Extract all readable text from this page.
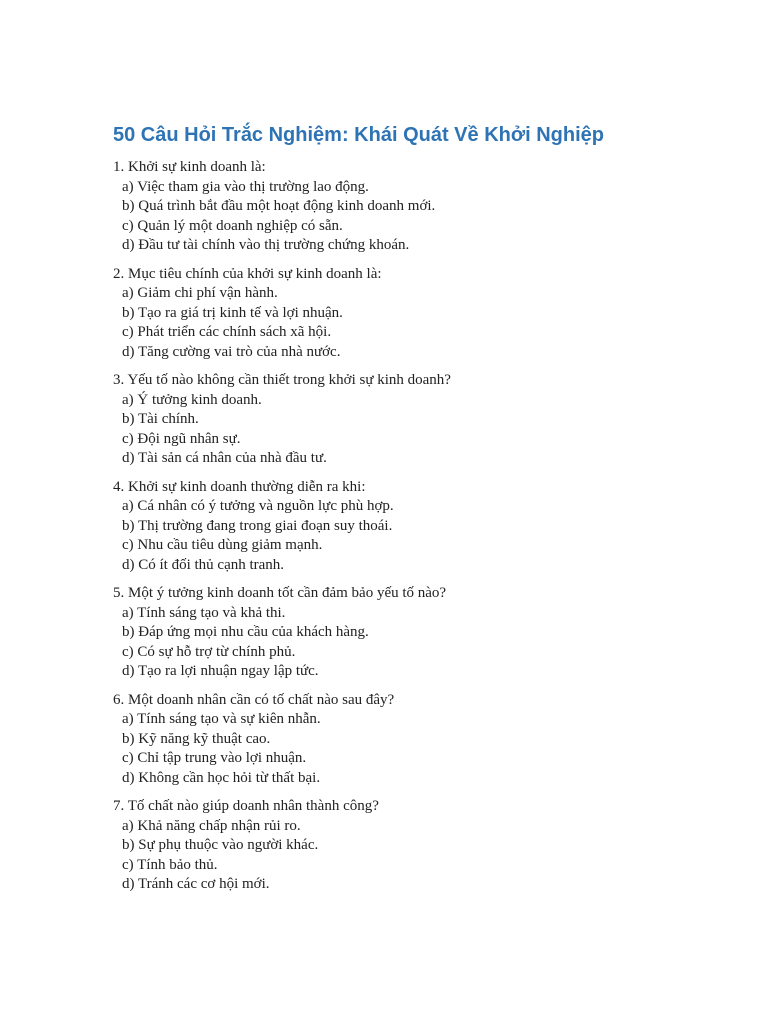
50 Câu Hỏi Trắc Nghiệm: Khái Quát Về Khởi Nghiệp

1. Khởi sự kinh doanh là:

a) Việc tham gia vào thị trường lao động.

b) Quá trình bắt đầu một hoạt động kinh doanh mới.

c) Quản lý một doanh nghiệp có sẵn.

d) Đầu tư tài chính vào thị trường chứng khoán.

2. Mục tiêu chính của khởi sự kinh doanh là:

a) Giảm chi phí vận hành.

b) Tạo ra giá trị kinh tế và lợi nhuận.

c) Phát triển các chính sách xã hội.

d) Tăng cường vai trò của nhà nước.

3. Yếu tố nào không cần thiết trong khởi sự kinh doanh?

a) Ý tưởng kinh doanh.

b) Tài chính.

c) Đội ngũ nhân sự.

d) Tài sản cá nhân của nhà đầu tư.

4. Khởi sự kinh doanh thường diễn ra khi:

a) Cá nhân có ý tưởng và nguồn lực phù hợp.

b) Thị trường đang trong giai đoạn suy thoái.

c) Nhu cầu tiêu dùng giảm mạnh.

d) Có ít đối thủ cạnh tranh.

5. Một ý tưởng kinh doanh tốt cần đảm bảo yếu tố nào?

a) Tính sáng tạo và khả thi.

b) Đáp ứng mọi nhu cầu của khách hàng.

c) Có sự hỗ trợ từ chính phủ.

d) Tạo ra lợi nhuận ngay lập tức.

6. Một doanh nhân cần có tố chất nào sau đây?

a) Tính sáng tạo và sự kiên nhẫn.

b) Kỹ năng kỹ thuật cao.

c) Chỉ tập trung vào lợi nhuận.

d) Không cần học hỏi từ thất bại.

7. Tố chất nào giúp doanh nhân thành công?

a) Khả năng chấp nhận rủi ro.

b) Sự phụ thuộc vào người khác.

c) Tính bảo thủ.

d) Tránh các cơ hội mới.
